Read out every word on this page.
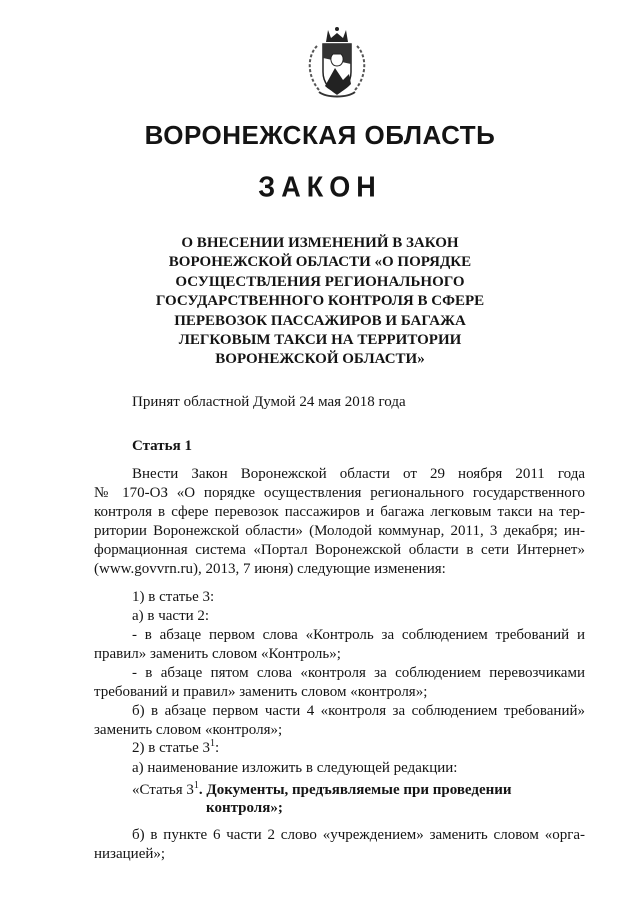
ВОРОНЕЖСКАЯ ОБЛАСТЬ
ЗАКОН
О ВНЕСЕНИИ ИЗМЕНЕНИЙ В ЗАКОН
ВОРОНЕЖСКОЙ ОБЛАСТИ «О ПОРЯДКЕ
ОСУЩЕСТВЛЕНИЯ РЕГИОНАЛЬНОГО
ГОСУДАРСТВЕННОГО КОНТРОЛЯ В СФЕРЕ
ПЕРЕВОЗОК ПАССАЖИРОВ И БАГАЖА
ЛЕГКОВЫМ ТАКСИ НА ТЕРРИТОРИИ
ВОРОНЕЖСКОЙ ОБЛАСТИ»
Принят областной Думой 24 мая 2018 года
Статья 1
Внести Закон Воронежской области от 29 ноября 2011 года
№ 170-ОЗ «О порядке осуществления регионального государственного
контроля в сфере перевозок пассажиров и багажа легковым такси на тер-
ритории Воронежской области» (Молодой коммунар, 2011, 3 декабря; ин-
формационная система «Портал Воронежской области в сети Интернет»
(www.govvrn.ru), 2013, 7 июня) следующие изменения:
1) в статье 3:
а) в части 2:
- в абзаце первом слова «Контроль за соблюдением требований и
правил» заменить словом «Контроль»;
- в абзаце пятом слова «контроля за соблюдением перевозчиками
требований и правил» заменить словом «контроля»;
б) в абзаце первом части 4 «контроля за соблюдением требований»
заменить словом «контроля»;
2) в статье $3^1$:
а) наименование изложить в следующей редакции:
«Статья $3^1$. Документы, предъявляемые при проведении
контроля»;
б) в пункте 6 части 2 слово «учреждением» заменить словом «орга-
низацией»;
